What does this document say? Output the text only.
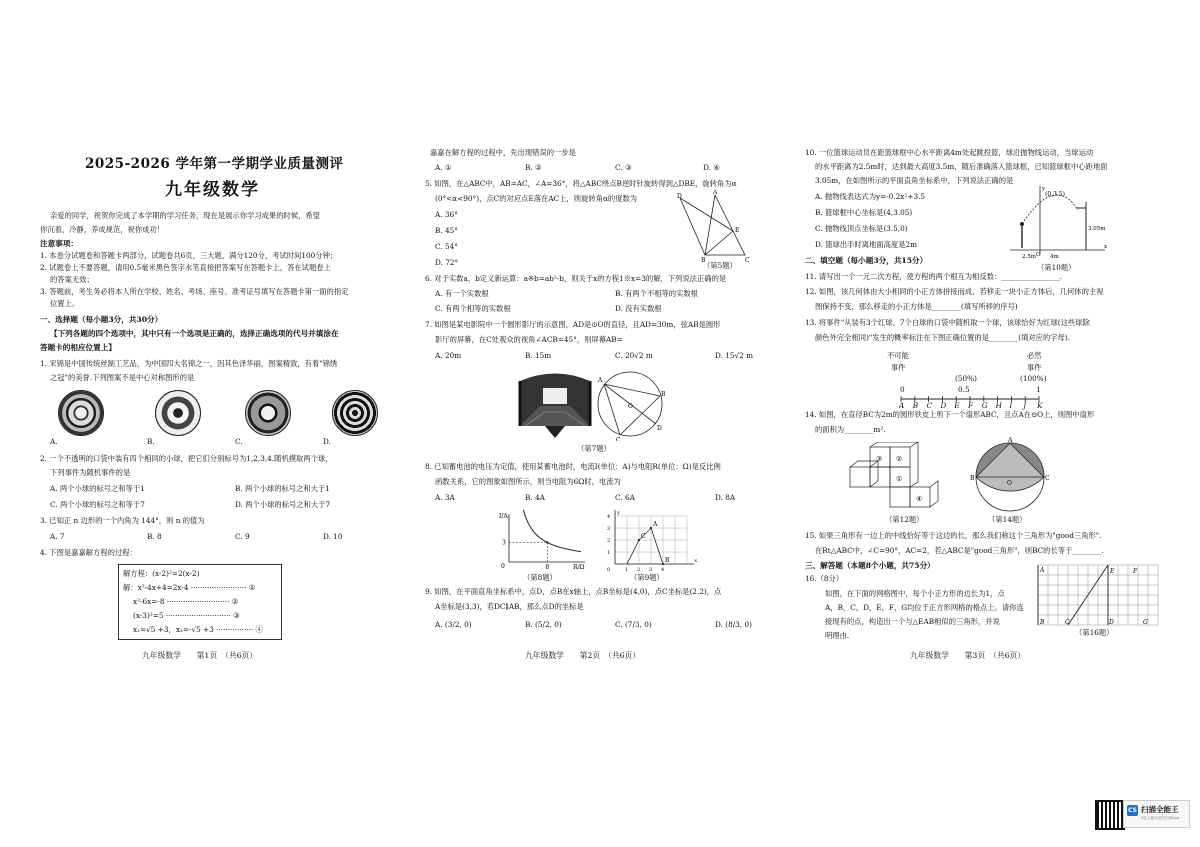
2025-2026 学年第一学期学业质量测评
九年级数学
亲爱的同学，祝贺你完成了本学期的学习任务，现在是展示你学习成果的时候，希望
你沉着，冷静，养成规范，祝你成功！
注意事项：
1. 本卷分试题卷和答题卡两部分，试题卷共6页，三大题，满分120分，考试时间100分钟；
2. 试题卷上不要答题，请用0.5毫米黑色签字水笔直接把答案写在答题卡上，答在试题卷上
的答案无效；
3. 答题前，考生务必将本人所在学校、姓名、考场、座号、准考证号填写在答题卡第一面的指定
位置上。
一、选择题（每小题3分，共30分）
【下列各题的四个选项中，其中只有一个选项是正确的，选择正确选项的代号并填涂在
答题卡的相应位置上】
1. 宋锦是中国传统丝制工艺品，为中国四大名锦之一，因其色泽华丽，图案精致，有着"锦绣
之冠"的美誉.下列图案不是中心对称图形的是
A.	B.	C.	D.
2. 一个不透明的口袋中装有四个相同的小球，把它们分别标号为1,2,3,4.随机摸取两个球，
下列事件为随机事件的是
A. 两个小球的标号之和等于1	B. 两个小球的标号之和大于1
C. 两个小球的标号之和等于7	D. 两个小球的标号之和大于7
3. 已知正 n 边形的一个内角为 144°，则 n 的值为
A. 7	B. 8	C. 9	D. 10
4. 下图是嘉嘉解方程的过程：
解方程：(x-2)²=2(x-2)
解：x²-4x+4=2x-4 ························ ①
x²-6x=-8 ··························· ②
(x-3)²=5 ···························· ③
x₁=√5 +3，x₂=-√5 +3 ················ ④
九年级数学　　第1页　（共6页）
嘉嘉在解方程的过程中，先出现错误的一步是
A. ①	B. ②	C. ③	D. ④
5. 如图，在△ABC中，AB=AC，∠A=36°，将△ABC绕点B逆时针旋转得到△DBE，旋转角为α
(0°<α<90°)，点C的对应点E落在AC上，则旋转角α的度数为
A. 36°
B. 45°
C. 54°
D. 72°
D
A
E
B	C
（第5题）
6. 对于实数a，b定义新运算：a※b=ab²-b，则关于x的方程1※x=3的解，下列说法正确的是
A. 有一个实数根	B. 有两个不相等的实数根
C. 有两个相等的实数根	D. 没有实数根
7. 如图是某电影院中一个圆形影厅的示意图，AD是⊙O的直径，且AD=30m，弦AB是圆形
影厅的屏幕，在C处观众的视角∠ACB=45°，则屏幕AB=
A. 20m	B. 15m	C. 20√2 m	D. 15√2 m
A
B
C
D
O
（第7题）
8. 已知蓄电池的电压为定值，使用某蓄电池时，电流I(单位：A)与电阻R(单位：Ω)是反比例
函数关系，它的图象如图所示，则当电阻为6Ω时，电流为
A. 3A	B. 4A	C. 6A	D. 8A
3
0	8
I/A
R/Ω
（第8题）
A
C
B
1 2 3 4
1
2
3
4
0
x
y
（第9题）
9. 如图，在平面直角坐标系中，点D，点B在x轴上，点B坐标是(4,0)，点C坐标是(2,2)，点
A坐标是(3,3)，若DC∥AB，那么点D的坐标是
A. (3/2, 0)	B. (5/2, 0)	C. (7/3, 0)	D. (8/3, 0)
九年级数学　　第2页　（共6页）
10. 一位篮球运动员在距篮球框中心水平距离4m处起跳投篮，球沿抛物线运动，当球运动
的水平距离为2.5m时，达到最大高度3.5m，随后准确落入篮球框，已知篮球框中心距地面
3.05m，在如图所示的平面直角坐标系中，下列说法正确的是
A. 抛物线表达式为y=-0.2x²+3.5
B. 篮球框中心坐标是(4,3.05)
C. 抛物线顶点坐标是(3.5,0)
D. 篮球出手时离地面高度是2m
(0,3.5)
3.05m
2.5m	4m
O
y
x
（第10题）
二、填空题（每小题3分，共15分）
11. 请写出一个一元二次方程，使方程的两个根互为相反数：________________.
12. 如图，该几何体由大小相同的小正方体拼接而成，若移走一块小正方体后，几何体的主视
图保持不变，那么移走的小正方体是________(填写所移的序号)
13. 将事件"从装有3个红球，7个白球的口袋中随机取一个球，该球恰好为红球(这些球除
颜色外完全相同)"发生的概率标注在下图正确位置的是________(填对应的字母).
不可能
事件
必然
事件
(50%)	(100%)
0	0.5	1
A B C D E F G H I J K
14. 如图，在直径BC为2m的圆形铁皮上剪下一个扇形ABC，且点A在⊙O上，则图中扇形
的面积为________m².
③ ②
①
④
（第12题）
A
B	C
O
（第14题）
15. 如果三角形有一边上的中线恰好等于这边的长，那么我们称这个三角形为"good三角形".
在Rt△ABC中，∠C=90°，AC=2，若△ABC是"good三角形"，则BC的长等于________.
三、解答题（本题8个小题，共75分）
16.（8分）
如图，在下面的网格图中，每个小正方形的边长为1，点
A，B，C，D，E，F，G均位于正方形网格的格点上。请你连
接现有的点，构造出一个与△EAB相似的三角形，并说
明理由.
A
B	C	D
E	F
G
（第16题）
九年级数学　　第3页　（共6页）
CS 扫描全能王
3亿人都在用的扫描App
